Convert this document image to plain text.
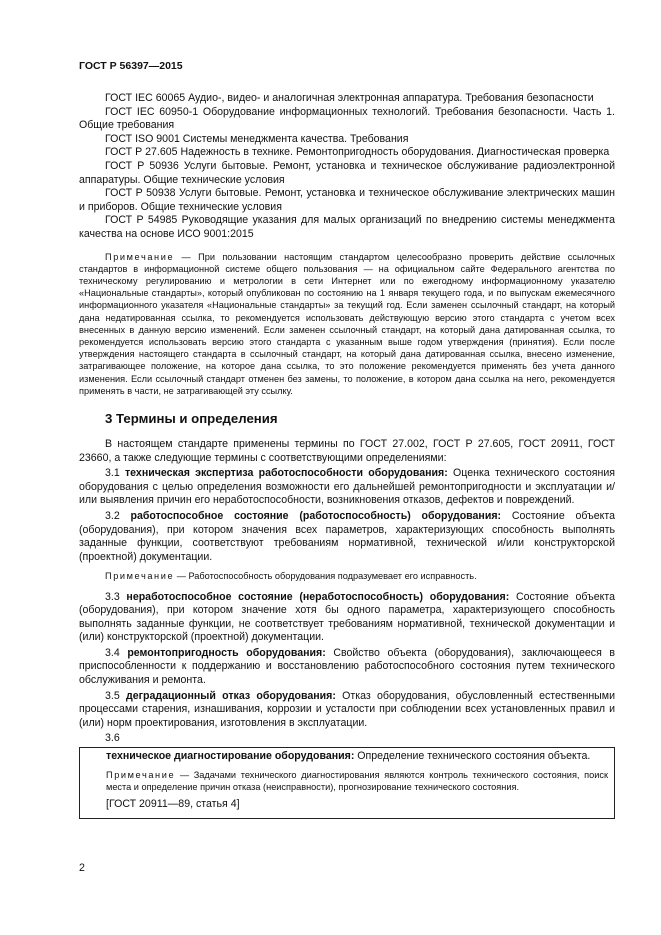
ГОСТ Р 56397—2015

ГОСТ IEC 60065 Аудио-, видео- и аналогичная электронная аппаратура. Требования безопасности

ГОСТ IEC 60950-1 Оборудование информационных технологий. Требования безопасности. Часть 1. Общие требования

ГОСТ ISO 9001 Системы менеджмента качества. Требования

ГОСТ Р 27.605 Надежность в технике. Ремонтопригодность оборудования. Диагностическая проверка

ГОСТ Р 50936 Услуги бытовые. Ремонт, установка и техническое обслуживание радиоэлектронной аппаратуры. Общие технические условия

ГОСТ Р 50938 Услуги бытовые. Ремонт, установка и техническое обслуживание электрических машин и приборов. Общие технические условия

ГОСТ Р 54985 Руководящие указания для малых организаций по внедрению системы менеджмента качества на основе ИСО 9001:2015

Примечание — При пользовании настоящим стандартом целесообразно проверить действие ссылочных стандартов в информационной системе общего пользования — на официальном сайте Федерального агентства по техническому регулированию и метрологии в сети Интернет или по ежегодному информационному указателю «Национальные стандарты», который опубликован по состоянию на 1 января текущего года, и по выпускам ежемесячного информационного указателя «Национальные стандарты» за текущий год. Если заменен ссылочный стандарт, на который дана недатированная ссылка, то рекомендуется использовать действующую версию этого стандарта с учетом всех внесенных в данную версию изменений. Если заменен ссылочный стандарт, на который дана датированная ссылка, то рекомендуется использовать версию этого стандарта с указанным выше годом утверждения (принятия). Если после утверждения настоящего стандарта в ссылочный стандарт, на который дана датированная ссылка, внесено изменение, затрагивающее положение, на которое дана ссылка, то это положение рекомендуется применять без учета данного изменения. Если ссылочный стандарт отменен без замены, то положение, в котором дана ссылка на него, рекомендуется применять в части, не затрагивающей эту ссылку.

3 Термины и определения

В настоящем стандарте применены термины по ГОСТ 27.002, ГОСТ Р 27.605, ГОСТ 20911, ГОСТ 23660, а также следующие термины с соответствующими определениями:

3.1 техническая экспертиза работоспособности оборудования: Оценка технического состояния оборудования с целью определения возможности его дальнейшей ремонтопригодности и эксплуатации и/или выявления причин его неработоспособности, возникновения отказов, дефектов и повреждений.

3.2 работоспособное состояние (работоспособность) оборудования: Состояние объекта (оборудования), при котором значения всех параметров, характеризующих способность выполнять заданные функции, соответствуют требованиям нормативной, технической и/или конструкторской (проектной) документации.

Примечание — Работоспособность оборудования подразумевает его исправность.

3.3 неработоспособное состояние (неработоспособность) оборудования: Состояние объекта (оборудования), при котором значение хотя бы одного параметра, характеризующего способность выполнять заданные функции, не соответствует требованиям нормативной, технической документации и (или) конструкторской (проектной) документации.

3.4 ремонтопригодность оборудования: Свойство объекта (оборудования), заключающееся в приспособленности к поддержанию и восстановлению работоспособного состояния путем технического обслуживания и ремонта.

3.5 деградационный отказ оборудования: Отказ оборудования, обусловленный естественными процессами старения, изнашивания, коррозии и усталости при соблюдении всех установленных правил и (или) норм проектирования, изготовления в эксплуатации.

3.6

техническое диагностирование оборудования: Определение технического состояния объекта.

Примечание — Задачами технического диагностирования являются контроль технического состояния, поиск места и определение причин отказа (неисправности), прогнозирование технического состояния.

[ГОСТ 20911—89, статья 4]

2
